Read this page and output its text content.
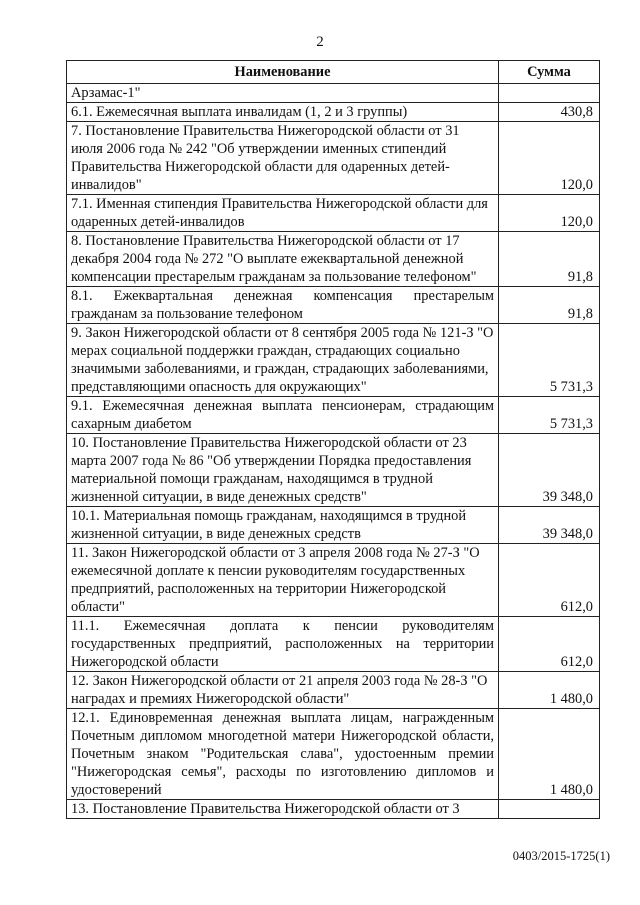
2
Наименование	Сумма
Арзамас-1"	
6.1. Ежемесячная выплата инвалидам (1, 2 и 3 группы)	430,8
7. Постановление Правительства Нижегородской области от 31 июля 2006 года № 242 "Об утверждении именных стипендий Правительства Нижегородской области для одаренных детей-инвалидов"	120,0
7.1. Именная стипендия Правительства Нижегородской области для одаренных детей-инвалидов	120,0
8. Постановление Правительства Нижегородской области от 17 декабря 2004 года № 272 "О выплате ежеквартальной денежной компенсации престарелым гражданам за пользование телефоном"	91,8
8.1. Ежеквартальная денежная компенсация престарелым гражданам за пользование телефоном	91,8
9. Закон Нижегородской области от 8 сентября 2005 года № 121-З "О мерах социальной поддержки граждан, страдающих социально значимыми заболеваниями, и граждан, страдающих заболеваниями, представляющими опасность для окружающих"	5 731,3
9.1. Ежемесячная денежная выплата пенсионерам, страдающим сахарным диабетом	5 731,3
10. Постановление Правительства Нижегородской области от 23 марта 2007 года № 86 "Об утверждении Порядка предоставления материальной помощи гражданам, находящимся в трудной жизненной ситуации, в виде денежных средств"	39 348,0
10.1. Материальная помощь гражданам, находящимся в трудной жизненной ситуации, в виде денежных средств	39 348,0
11. Закон Нижегородской области от 3 апреля 2008 года № 27-З "О ежемесячной доплате к пенсии руководителям государственных предприятий, расположенных на территории Нижегородской области"	612,0
11.1. Ежемесячная доплата к пенсии руководителям государственных предприятий, расположенных на территории Нижегородской области	612,0
12. Закон Нижегородской области от 21 апреля 2003 года № 28-З "О наградах и премиях Нижегородской области"	1 480,0
12.1. Единовременная денежная выплата лицам, награжденным Почетным дипломом многодетной матери Нижегородской области, Почетным знаком "Родительская слава", удостоенным премии "Нижегородская семья", расходы по изготовлению дипломов и удостоверений	1 480,0
13. Постановление Правительства Нижегородской области от 3	
0403/2015-1725(1)
